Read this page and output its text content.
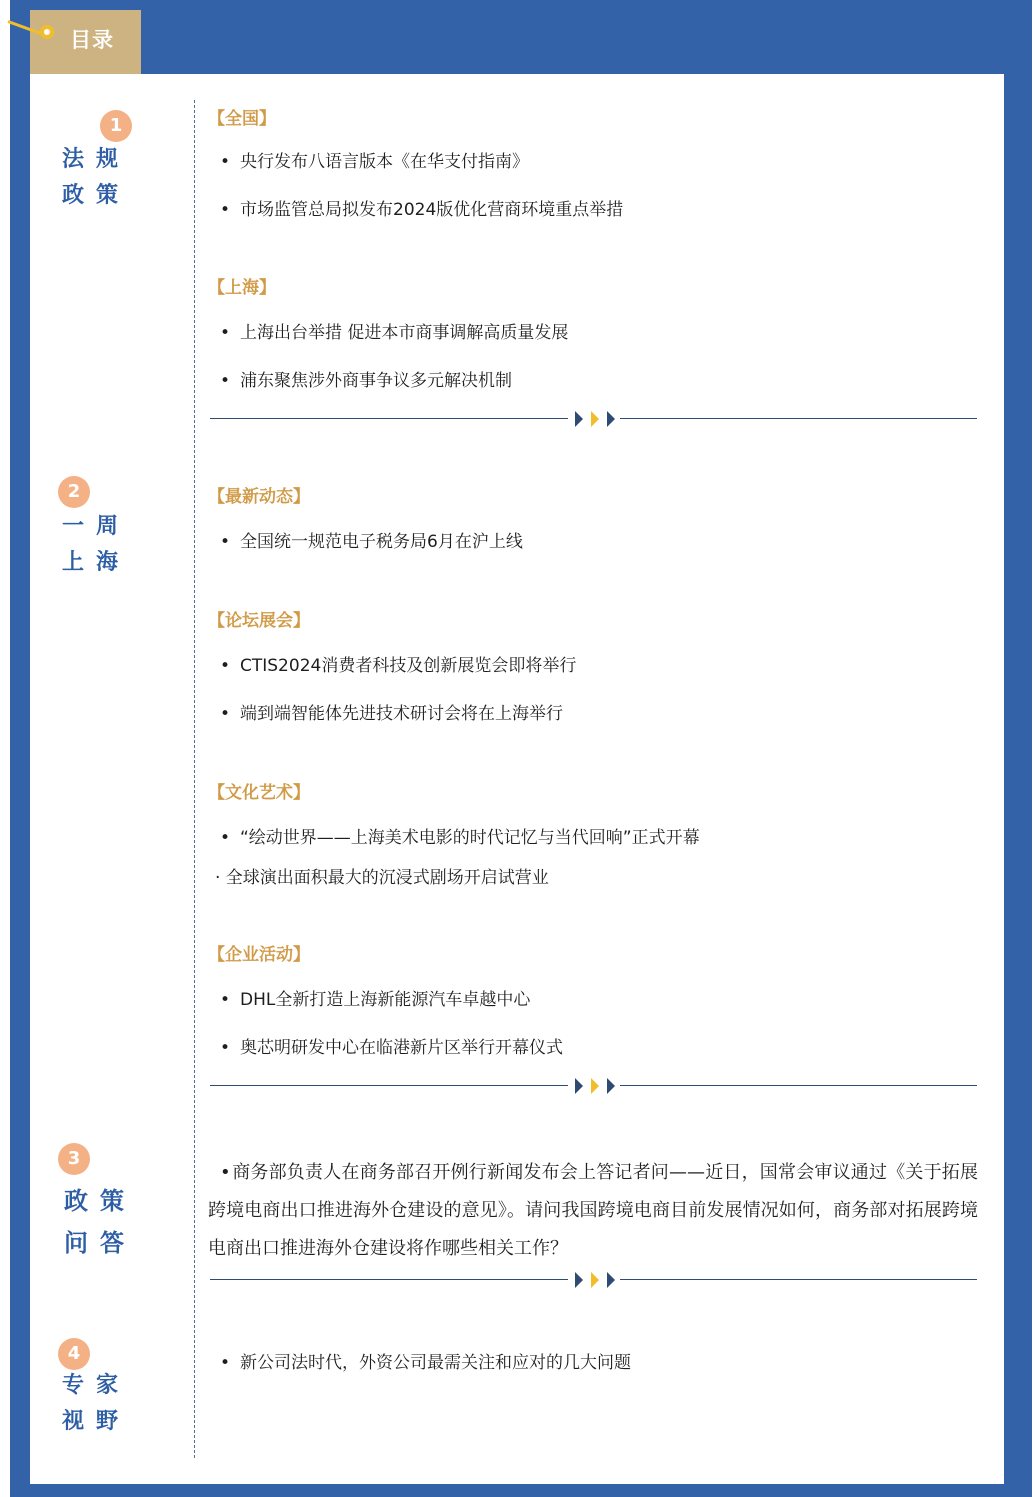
目录
1
法规
政策
【全国】
• 央行发布八语言版本《在华支付指南》
• 市场监管总局拟发布2024版优化营商环境重点举措
【上海】
• 上海出台举措 促进本市商事调解高质量发展
• 浦东聚焦涉外商事争议多元解决机制
2
一周
上海
【最新动态】
• 全国统一规范电子税务局6月在沪上线
【论坛展会】
• CTIS2024消费者科技及创新展览会即将举行
• 端到端智能体先进技术研讨会将在上海举行
【文化艺术】
• “绘动世界——上海美术电影的时代记忆与当代回响”正式开幕
· 全球演出面积最大的沉浸式剧场开启试营业
【企业活动】
• DHL全新打造上海新能源汽车卓越中心
• 奥芯明研发中心在临港新片区举行开幕仪式
3
政策
问答
•商务部负责人在商务部召开例行新闻发布会上答记者问——近日，国常会审议通过《关于拓展跨境电商出口推进海外仓建设的意见》。请问我国跨境电商目前发展情况如何，商务部对拓展跨境电商出口推进海外仓建设将作哪些相关工作？
4
专家
视野
• 新公司法时代，外资公司最需关注和应对的几大问题
